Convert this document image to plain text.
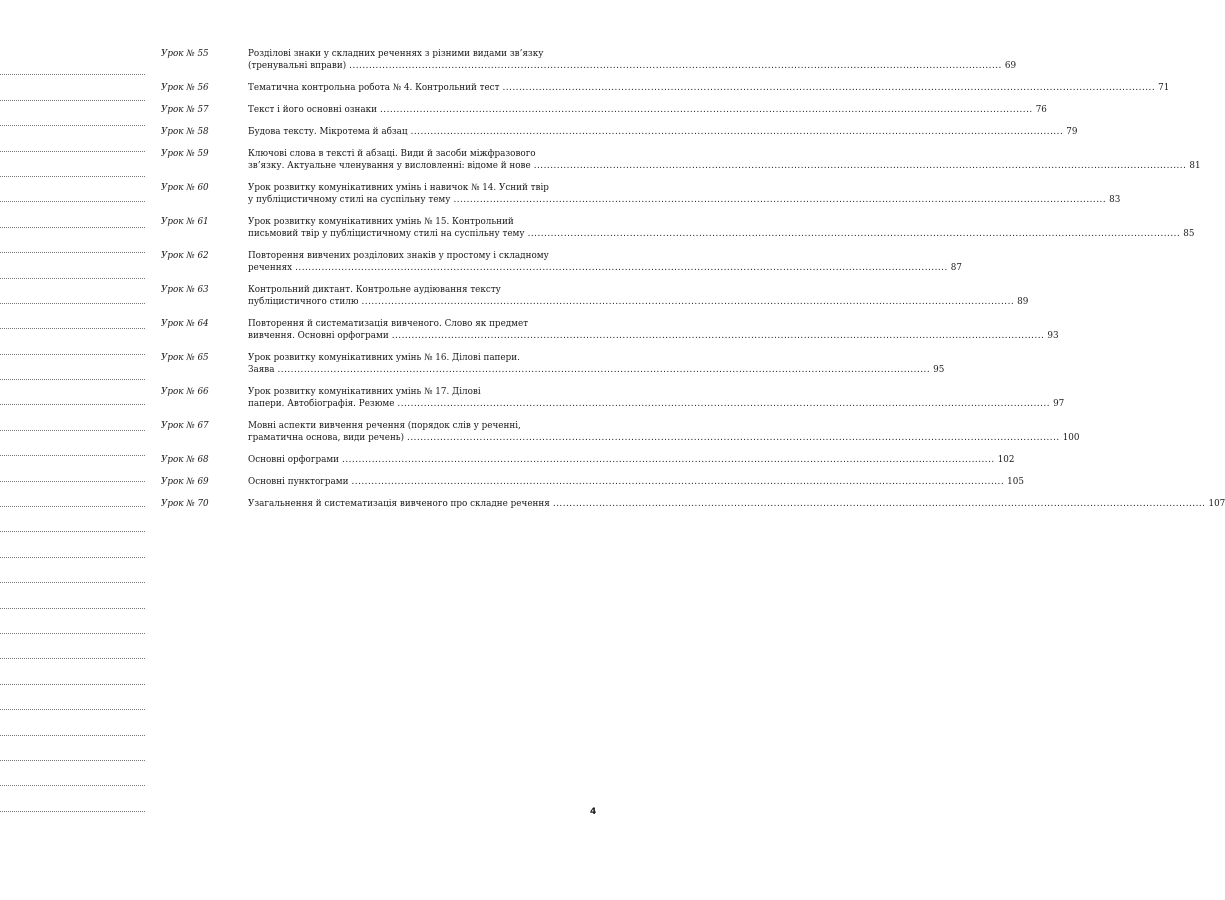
Урок № 55	Розділові знаки у складних реченнях з різними видами зв’язку
(тренувальні вправи) .....	69
Урок № 56	Тематична контрольна робота № 4. Контрольний тест .....	71
Урок № 57	Текст і його основні ознаки .....	76
Урок № 58	Будова тексту. Мікротема й абзац .....	79
Урок № 59	Ключові слова в тексті й абзаці. Види й засоби міжфразового
зв’язку. Актуальне членування у висловленні: відоме й нове .....	81
Урок № 60	Урок розвитку комунікативних умінь і навичок № 14. Усний твір
у публіцистичному стилі на суспільну тему .....	83
Урок № 61	Урок розвитку комунікативних умінь № 15. Контрольний
письмовий твір у публіцистичному стилі на суспільну тему .....	85
Урок № 62	Повторення вивчених розділових знаків у простому і складному
реченнях .....	87
Урок № 63	Контрольний диктант. Контрольне аудіювання тексту
публіцистичного стилю .....	89
Урок № 64	Повторення й систематизація вивченого. Слово як предмет
вивчення. Основні орфограми .....	93
Урок № 65	Урок розвитку комунікативних умінь № 16. Ділові папери.
Заява .....	95
Урок № 66	Урок розвитку комунікативних умінь № 17. Ділові
папери. Автобіографія. Резюме .....	97
Урок № 67	Мовні аспекти вивчення речення (порядок слів у реченні,
граматична основа, види речень) .....	100
Урок № 68	Основні орфограми .....	102
Урок № 69	Основні пунктограми .....	105
Урок № 70	Узагальнення й систематизація вивченого про складне речення .....	107
4
